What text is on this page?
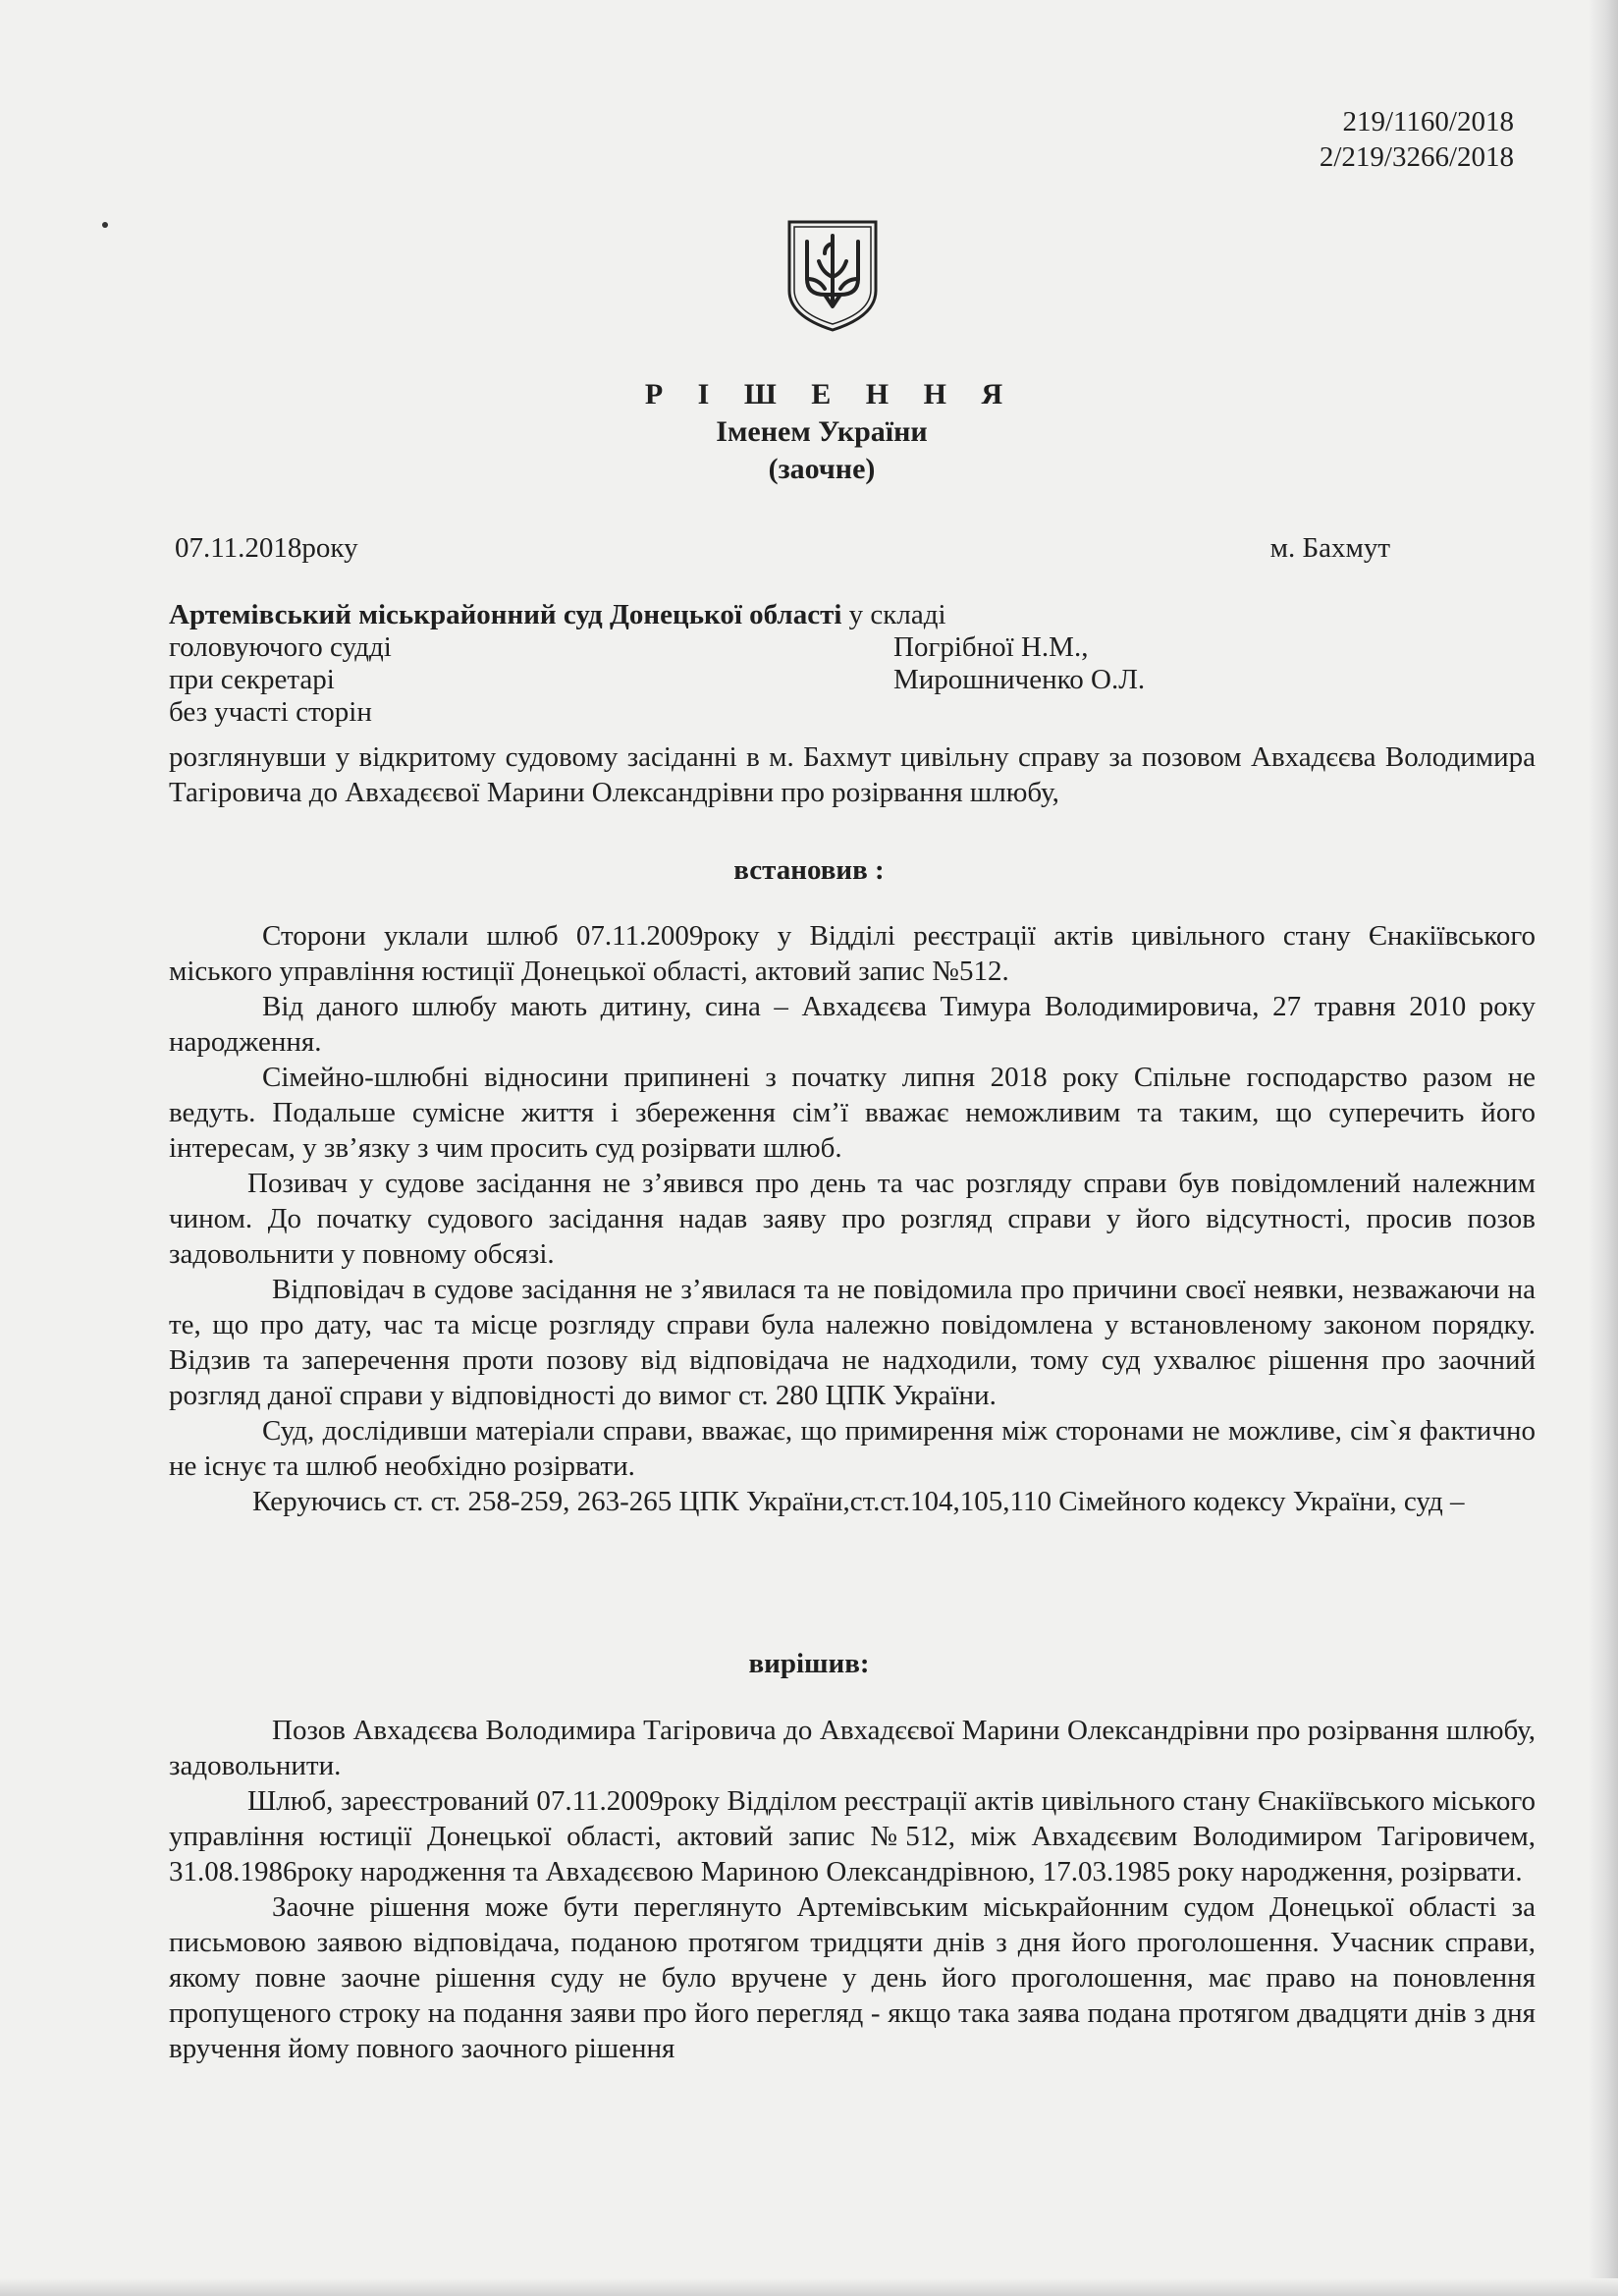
219/1160/2018
2/219/3266/2018
Р І Ш Е Н Н Я
Іменем України
(заочне)
07.11.2018року	м. Бахмут
Артемівський міськрайонний суд Донецької області у складі
головуючого судді	Погрібної Н.М.,
при секретарі	Мирошниченко О.Л.
без участі сторін
розглянувши у відкритому судовому засіданні в м. Бахмут цивільну справу за позовом Авхадєєва Володимира Тагіровича до Авхадєєвої Марини Олександрівни про розірвання шлюбу,
встановив :

Сторони уклали шлюб 07.11.2009року у Відділі реєстрації актів цивільного стану Єнакіївського міського управління юстиції Донецької області, актовий запис №512.

Від даного шлюбу мають дитину, сина – Авхадєєва Тимура Володимировича, 27 травня 2010 року народження.

Сімейно-шлюбні відносини припинені з початку липня 2018 року Спільне господарство разом не ведуть. Подальше сумісне життя і збереження сім’ї вважає неможливим та таким, що суперечить його інтересам, у зв’язку з чим просить суд розірвати шлюб.

Позивач у судове засідання не з’явився про день та час розгляду справи був повідомлений належним чином. До початку судового засідання надав заяву про розгляд справи у його відсутності, просив позов задовольнити у повному обсязі.

Відповідач в судове засідання не з’явилася та не повідомила про причини своєї неявки, незважаючи на те, що про дату, час та місце розгляду справи була належно повідомлена у встановленому законом порядку. Відзив та заперечення проти позову від відповідача не надходили, тому суд ухвалює рішення про заочний розгляд даної справи у відповідності до вимог ст. 280 ЦПК України.

Суд, дослідивши матеріали справи, вважає, що примирення між сторонами не можливе, сім`я фактично не існує та шлюб необхідно розірвати.

Керуючись ст. ст. 258-259, 263-265 ЦПК України,ст.ст.104,105,110 Сімейного кодексу України, суд –

вирішив:

Позов Авхадєєва Володимира Тагіровича до Авхадєєвої Марини Олександрівни про розірвання шлюбу, задовольнити.

Шлюб, зареєстрований 07.11.2009року Відділом реєстрації актів цивільного стану Єнакіївського міського управління юстиції Донецької області, актовий запис №512, між Авхадєєвим Володимиром Тагіровичем, 31.08.1986року народження та Авхадєєвою Мариною Олександрівною, 17.03.1985 року народження, розірвати.

Заочне рішення може бути переглянуто Артемівським міськрайонним судом Донецької області за письмовою заявою відповідача, поданою протягом тридцяти днів з дня його проголошення. Учасник справи, якому повне заочне рішення суду не було вручене у день його проголошення, має право на поновлення пропущеного строку на подання заяви про його перегляд - якщо така заява подана протягом двадцяти днів з дня вручення йому повного заочного рішення
